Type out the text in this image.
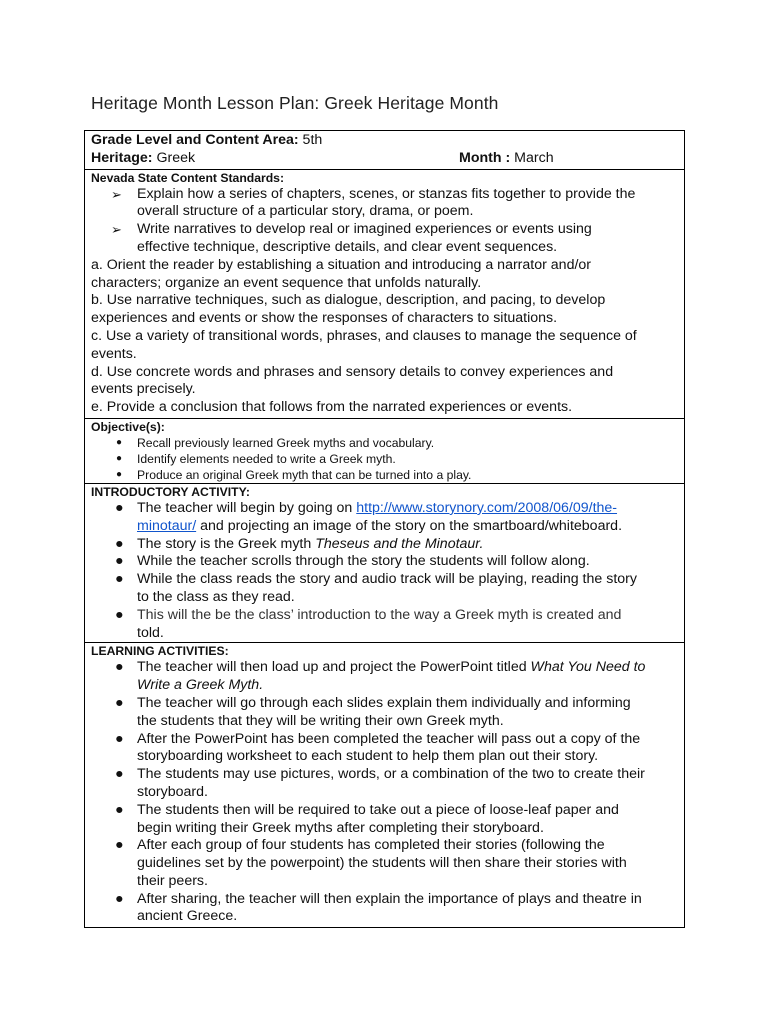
Heritage Month Lesson Plan: Greek Heritage Month
Grade Level and Content Area: 5th
Heritage: Greek	Month : March
Nevada State Content Standards:
➢ Explain how a series of chapters, scenes, or stanzas fits together to provide the
overall structure of a particular story, drama, or poem.
➢ Write narratives to develop real or imagined experiences or events using
effective technique, descriptive details, and clear event sequences.
a. Orient the reader by establishing a situation and introducing a narrator and/or
characters; organize an event sequence that unfolds naturally.
b. Use narrative techniques, such as dialogue, description, and pacing, to develop
experiences and events or show the responses of characters to situations.
c. Use a variety of transitional words, phrases, and clauses to manage the sequence of
events.
d. Use concrete words and phrases and sensory details to convey experiences and
events precisely.
e. Provide a conclusion that follows from the narrated experiences or events.
Objective(s):
● Recall previously learned Greek myths and vocabulary.
● Identify elements needed to write a Greek myth.
● Produce an original Greek myth that can be turned into a play.
INTRODUCTORY ACTIVITY:
● The teacher will begin by going on http://www.storynory.com/2008/06/09/the-
minotaur/ and projecting an image of the story on the smartboard/whiteboard.
● The story is the Greek myth Theseus and the Minotaur.
● While the teacher scrolls through the story the students will follow along.
● While the class reads the story and audio track will be playing, reading the story
to the class as they read.
● This will the be the class’ introduction to the way a Greek myth is created and
told.
LEARNING ACTIVITIES:
● The teacher will then load up and project the PowerPoint titled What You Need to
Write a Greek Myth.
● The teacher will go through each slides explain them individually and informing
the students that they will be writing their own Greek myth.
● After the PowerPoint has been completed the teacher will pass out a copy of the
storyboarding worksheet to each student to help them plan out their story.
● The students may use pictures, words, or a combination of the two to create their
storyboard.
● The students then will be required to take out a piece of loose-leaf paper and
begin writing their Greek myths after completing their storyboard.
● After each group of four students has completed their stories (following the
guidelines set by the powerpoint) the students will then share their stories with
their peers.
● After sharing, the teacher will then explain the importance of plays and theatre in
ancient Greece.
